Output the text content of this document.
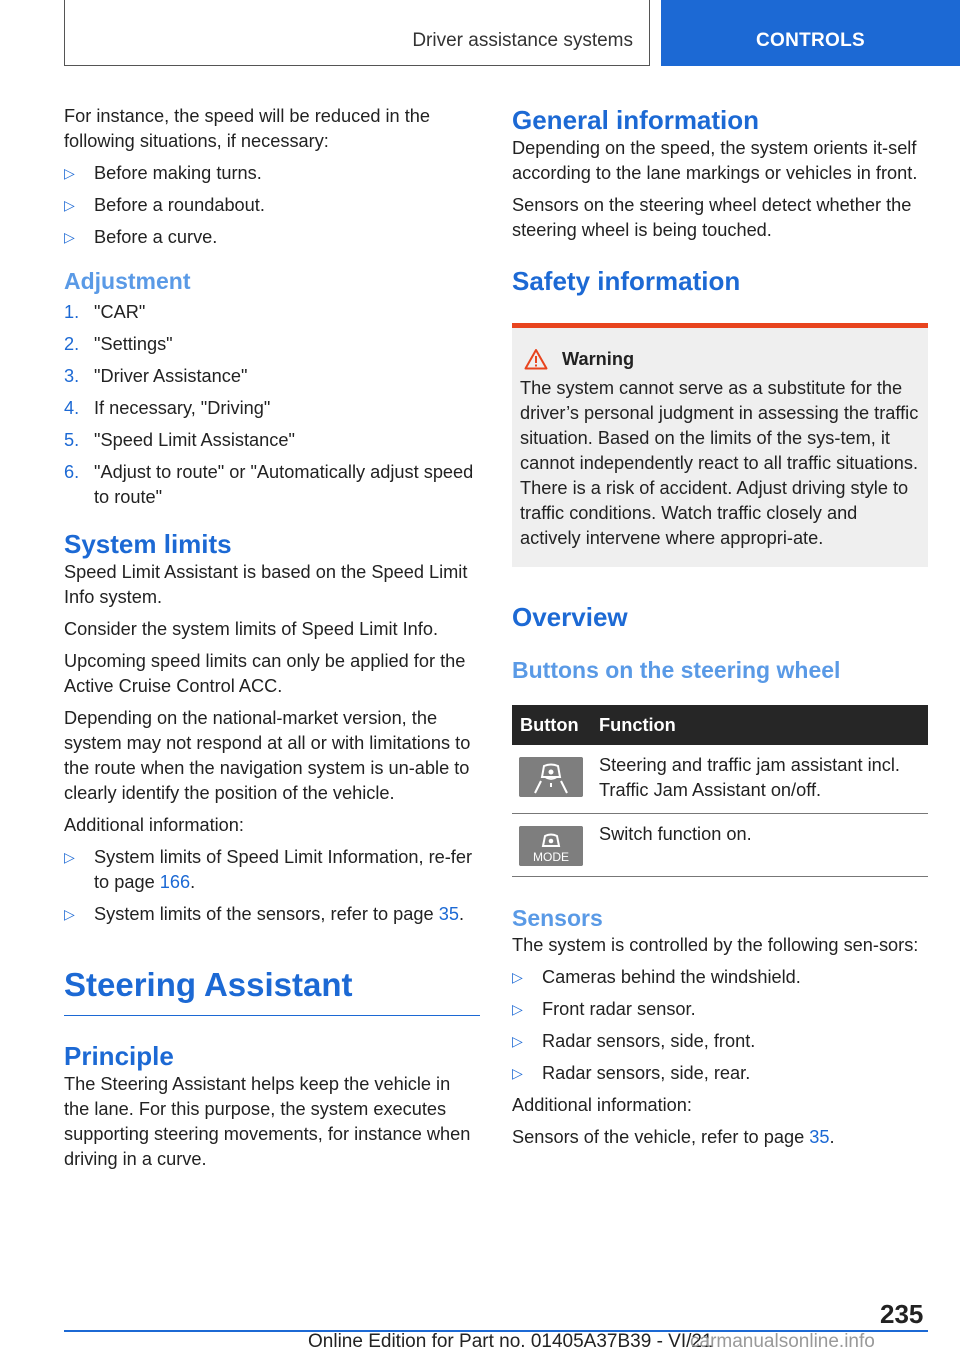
Driver assistance systems	CONTROLS

For instance, the speed will be reduced in the following situations, if necessary:

▷ Before making turns.
▷ Before a roundabout.
▷ Before a curve.
Adjustment
1. "CAR"
2. "Settings"
3. "Driver Assistance"
4. If necessary, "Driving"
5. "Speed Limit Assistance"
6. "Adjust to route" or "Automatically adjust speed to route"
System limits

Speed Limit Assistant is based on the Speed Limit Info system.

Consider the system limits of Speed Limit Info.

Upcoming speed limits can only be applied for the Active Cruise Control ACC.

Depending on the national-market version, the system may not respond at all or with limitations to the route when the navigation system is un-able to clearly identify the position of the vehicle.

Additional information:

▷ System limits of Speed Limit Information, re-fer to page 166.
▷ System limits of the sensors, refer to page 35.
Steering Assistant
Principle

The Steering Assistant helps keep the vehicle in the lane. For this purpose, the system executes supporting steering movements, for instance when driving in a curve.

General information

Depending on the speed, the system orients it-self according to the lane markings or vehicles in front.

Sensors on the steering wheel detect whether the steering wheel is being touched.

Safety information
Warning

The system cannot serve as a substitute for the driver’s personal judgment in assessing the traffic situation. Based on the limits of the sys-tem, it cannot independently react to all traffic situations. There is a risk of accident. Adjust driving style to traffic conditions. Watch traffic closely and actively intervene where appropri-ate.

Overview
Buttons on the steering wheel
Button	Function

	Steering and traffic jam assistant incl. Traffic Jam Assistant on/off.

MODE	Switch function on.
Sensors

The system is controlled by the following sen-sors:

▷ Cameras behind the windshield.
▷ Front radar sensor.
▷ Radar sensors, side, front.
▷ Radar sensors, side, rear.

Additional information:

Sensors of the vehicle, refer to page 35.

235
Online Edition for Part no. 01405A37B39 - VI/21
carmanualsonline.info
